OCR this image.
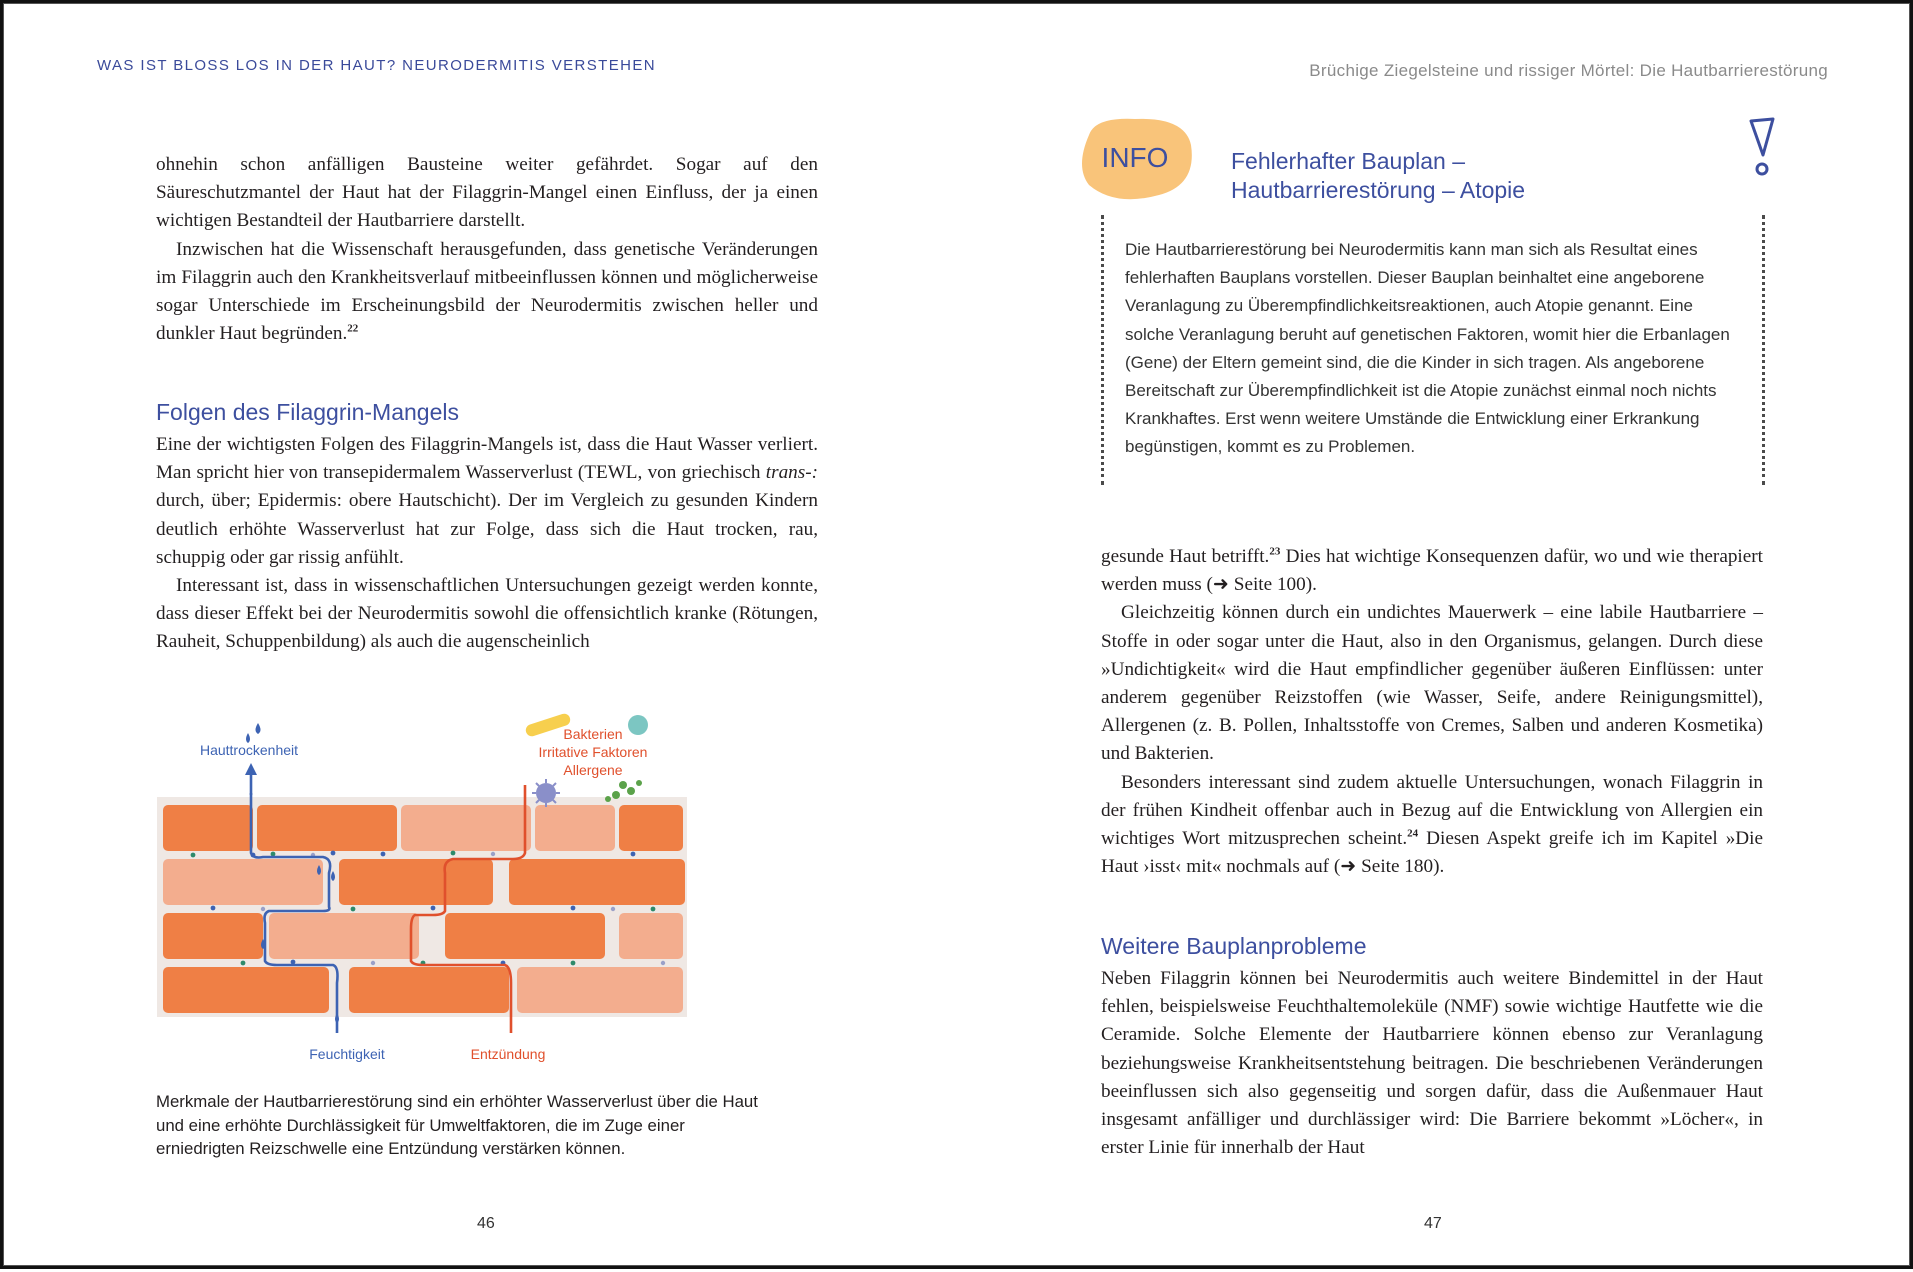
WAS IST BLOSS LOS IN DER HAUT? NEURODERMITIS VERSTEHEN

ohnehin schon anfälligen Bausteine weiter gefährdet. Sogar auf den Säureschutzmantel der Haut hat der Filaggrin-Mangel einen Einfluss, der ja einen wichtigen Bestandteil der Hautbarriere darstellt.

Inzwischen hat die Wissenschaft herausgefunden, dass genetische Veränderungen im Filaggrin auch den Krankheitsverlauf mitbeeinflussen können und möglicherweise sogar Unterschiede im Erscheinungsbild der Neurodermitis zwischen heller und dunkler Haut begründen.$^{22}$

Folgen des Filaggrin-Mangels

Eine der wichtigsten Folgen des Filaggrin-Mangels ist, dass die Haut Wasser verliert. Man spricht hier von transepidermalem Wasserverlust (TEWL, von griechisch trans-: durch, über; Epidermis: obere Hautschicht). Der im Vergleich zu gesunden Kindern deutlich erhöhte Wasserverlust hat zur Folge, dass sich die Haut trocken, rau, schuppig oder gar rissig anfühlt.

Interessant ist, dass in wissenschaftlichen Untersuchungen gezeigt werden konnte, dass dieser Effekt bei der Neurodermitis sowohl die offensichtlich kranke (Rötungen, Rauheit, Schuppenbildung) als auch die augenscheinlich

Hauttrockenheit
Bakterien
Irritative Faktoren
Allergene
Feuchtigkeit	Entzündung
Merkmale der Hautbarrierestörung sind ein erhöhter Wasserverlust über die Haut und eine erhöhte Durchlässigkeit für Umweltfaktoren, die im Zuge einer erniedrigten Reizschwelle eine Entzündung verstärken können.
46
Brüchige Ziegelsteine und rissiger Mörtel: Die Hautbarrierestörung
INFO	Fehlerhafter Bauplan –
Hautbarrierestörung – Atopie
Die Hautbarrierestörung bei Neurodermitis kann man sich als Resultat eines fehlerhaften Bauplans vorstellen. Dieser Bauplan beinhaltet eine angeborene Veranlagung zu Überempfindlichkeitsreaktionen, auch Atopie genannt. Eine solche Veranlagung beruht auf genetischen Faktoren, womit hier die Erbanlagen (Gene) der Eltern gemeint sind, die die Kinder in sich tragen. Als angeborene Bereitschaft zur Überempfindlichkeit ist die Atopie zunächst einmal noch nichts Krankhaftes. Erst wenn weitere Umstände die Entwicklung einer Erkrankung begünstigen, kommt es zu Problemen.

gesunde Haut betrifft.$^{23}$ Dies hat wichtige Konsequenzen dafür, wo und wie therapiert werden muss (➜ Seite 100).

Gleichzeitig können durch ein undichtes Mauerwerk – eine labile Hautbarriere – Stoffe in oder sogar unter die Haut, also in den Organismus, gelangen. Durch diese »Undichtigkeit« wird die Haut empfindlicher gegenüber äußeren Einflüssen: unter anderem gegenüber Reizstoffen (wie Wasser, Seife, andere Reinigungsmittel), Allergenen (z. B. Pollen, Inhaltsstoffe von Cremes, Salben und anderen Kosmetika) und Bakterien.

Besonders interessant sind zudem aktuelle Untersuchungen, wonach Filaggrin in der frühen Kindheit offenbar auch in Bezug auf die Entwicklung von Allergien ein wichtiges Wort mitzusprechen scheint.$^{24}$ Diesen Aspekt greife ich im Kapitel »Die Haut ›isst‹ mit« nochmals auf (➜ Seite 180).

Weitere Bauplanprobleme

Neben Filaggrin können bei Neurodermitis auch weitere Bindemittel in der Haut fehlen, beispielsweise Feuchthaltemoleküle (NMF) sowie wichtige Hautfette wie die Ceramide. Solche Elemente der Hautbarriere können ebenso zur Veranlagung beziehungsweise Krankheitsentstehung beitragen. Die beschriebenen Veränderungen beeinflussen sich also gegenseitig und sorgen dafür, dass die Außenmauer Haut insgesamt anfälliger und durchlässiger wird: Die Barriere bekommt »Löcher«, in erster Linie für innerhalb der Haut

47
